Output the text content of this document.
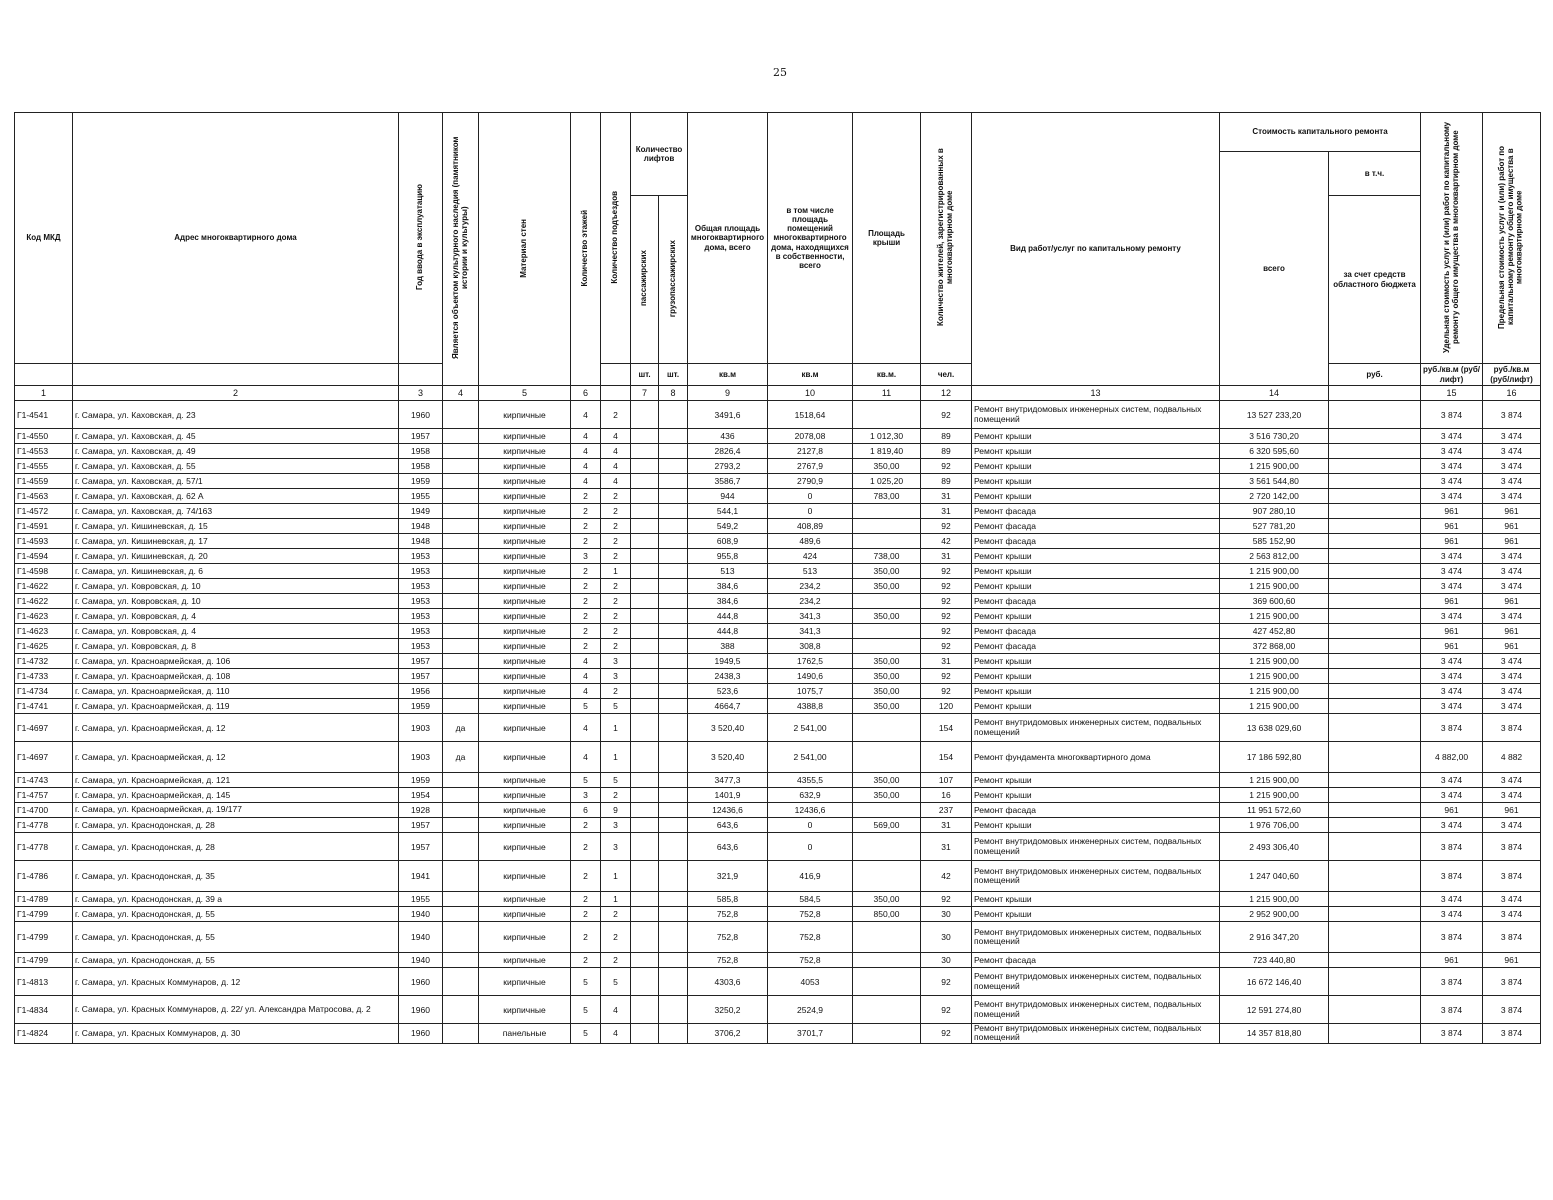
25
Код МКД	Адрес многоквартирного дома	Год ввода в эксплуатацию	Является объектом культурного наследия (памятником истории и культуры)	Материал стен	Количество этажей	Количество подъездов	Количество лифтов		Общая площадь многоквартирного дома, всего	в том числе площадь помещений многоквартирного дома, находящихся в собственности, всего	Площадь крыши	Количество жителей, зарегистрированных в многоквартирном доме	Вид работ/услуг по капитальному ремонту	Стоимость капитального ремонта		Удельная стоимость услуг и (или) работ по капитальному ремонту общего имущества в многоквартирном доме	Предельная стоимость услуг и (или) работ по капитальному ремонту общего имущества в многоквартирном доме
														всего	в т.ч.		
							пассажирских	грузопассажирских							за счет средств областного бюджета		
							шт.	шт.	кв.м	кв.м	кв.м.	чел.			руб.	руб./кв.м (руб/лифт)	руб./кв.м (руб/лифт)
1	2	3	4	5	6		7	8	9	10	11	12	13	14		15	16
Г1-4541	г. Самара, ул. Каховская, д. 23	1960		кирпичные	4	2			3491,6	1518,64		92	Ремонт внутридомовых инженерных систем, подвальных помещений	13 527 233,20		3 874	3 874
Г1-4550	г. Самара, ул. Каховская, д. 45	1957		кирпичные	4	4			436	2078,08	1 012,30	89	Ремонт крыши	3 516 730,20		3 474	3 474
Г1-4553	г. Самара, ул. Каховская, д. 49	1958		кирпичные	4	4			2826,4	2127,8	1 819,40	89	Ремонт крыши	6 320 595,60		3 474	3 474
Г1-4555	г. Самара, ул. Каховская, д. 55	1958		кирпичные	4	4			2793,2	2767,9	350,00	92	Ремонт крыши	1 215 900,00		3 474	3 474
Г1-4559	г. Самара, ул. Каховская, д. 57/1	1959		кирпичные	4	4			3586,7	2790,9	1 025,20	89	Ремонт крыши	3 561 544,80		3 474	3 474
Г1-4563	г. Самара, ул. Каховская, д. 62 А	1955		кирпичные	2	2			944	0	783,00	31	Ремонт крыши	2 720 142,00		3 474	3 474
Г1-4572	г. Самара, ул. Каховская, д. 74/163	1949		кирпичные	2	2			544,1	0		31	Ремонт фасада	907 280,10		961	961
Г1-4591	г. Самара, ул. Кишиневская, д. 15	1948		кирпичные	2	2			549,2	408,89		92	Ремонт фасада	527 781,20		961	961
Г1-4593	г. Самара, ул. Кишиневская, д. 17	1948		кирпичные	2	2			608,9	489,6		42	Ремонт фасада	585 152,90		961	961
Г1-4594	г. Самара, ул. Кишиневская, д. 20	1953		кирпичные	3	2			955,8	424	738,00	31	Ремонт крыши	2 563 812,00		3 474	3 474
Г1-4598	г. Самара, ул. Кишиневская, д. 6	1953		кирпичные	2	1			513	513	350,00	92	Ремонт крыши	1 215 900,00		3 474	3 474
Г1-4622	г. Самара, ул. Ковровская, д. 10	1953		кирпичные	2	2			384,6	234,2	350,00	92	Ремонт крыши	1 215 900,00		3 474	3 474
Г1-4622	г. Самара, ул. Ковровская, д. 10	1953		кирпичные	2	2			384,6	234,2		92	Ремонт фасада	369 600,60		961	961
Г1-4623	г. Самара, ул. Ковровская, д. 4	1953		кирпичные	2	2			444,8	341,3	350,00	92	Ремонт крыши	1 215 900,00		3 474	3 474
Г1-4623	г. Самара, ул. Ковровская, д. 4	1953		кирпичные	2	2			444,8	341,3		92	Ремонт фасада	427 452,80		961	961
Г1-4625	г. Самара, ул. Ковровская, д. 8	1953		кирпичные	2	2			388	308,8		92	Ремонт фасада	372 868,00		961	961
Г1-4732	г. Самара, ул. Красноармейская, д. 106	1957		кирпичные	4	3			1949,5	1762,5	350,00	31	Ремонт крыши	1 215 900,00		3 474	3 474
Г1-4733	г. Самара, ул. Красноармейская, д. 108	1957		кирпичные	4	3			2438,3	1490,6	350,00	92	Ремонт крыши	1 215 900,00		3 474	3 474
Г1-4734	г. Самара, ул. Красноармейская, д. 110	1956		кирпичные	4	2			523,6	1075,7	350,00	92	Ремонт крыши	1 215 900,00		3 474	3 474
Г1-4741	г. Самара, ул. Красноармейская, д. 119	1959		кирпичные	5	5			4664,7	4388,8	350,00	120	Ремонт крыши	1 215 900,00		3 474	3 474
Г1-4697	г. Самара, ул. Красноармейская, д. 12	1903	да	кирпичные	4	1			3 520,40	2 541,00		154	Ремонт внутридомовых инженерных систем, подвальных помещений	13 638 029,60		3 874	3 874
Г1-4697	г. Самара, ул. Красноармейская, д. 12	1903	да	кирпичные	4	1			3 520,40	2 541,00		154	Ремонт фундамента многоквартирного дома	17 186 592,80		4 882,00	4 882
Г1-4743	г. Самара, ул. Красноармейская, д. 121	1959		кирпичные	5	5			3477,3	4355,5	350,00	107	Ремонт крыши	1 215 900,00		3 474	3 474
Г1-4757	г. Самара, ул. Красноармейская, д. 145	1954		кирпичные	3	2			1401,9	632,9	350,00	16	Ремонт крыши	1 215 900,00		3 474	3 474
Г1-4700	г. Самара, ул. Красноармейская, д. 19/177	1928		кирпичные	6	9			12436,6	12436,6		237	Ремонт фасада	11 951 572,60		961	961
Г1-4778	г. Самара, ул. Краснодонская, д. 28	1957		кирпичные	2	3			643,6	0	569,00	31	Ремонт крыши	1 976 706,00		3 474	3 474
Г1-4778	г. Самара, ул. Краснодонская, д. 28	1957		кирпичные	2	3			643,6	0		31	Ремонт внутридомовых инженерных систем, подвальных помещений	2 493 306,40		3 874	3 874
Г1-4786	г. Самара, ул. Краснодонская, д. 35	1941		кирпичные	2	1			321,9	416,9		42	Ремонт внутридомовых инженерных систем, подвальных помещений	1 247 040,60		3 874	3 874
Г1-4789	г. Самара, ул. Краснодонская, д. 39 а	1955		кирпичные	2	1			585,8	584,5	350,00	92	Ремонт крыши	1 215 900,00		3 474	3 474
Г1-4799	г. Самара, ул. Краснодонская, д. 55	1940		кирпичные	2	2			752,8	752,8	850,00	30	Ремонт крыши	2 952 900,00		3 474	3 474
Г1-4799	г. Самара, ул. Краснодонская, д. 55	1940		кирпичные	2	2			752,8	752,8		30	Ремонт внутридомовых инженерных систем, подвальных помещений	2 916 347,20		3 874	3 874
Г1-4799	г. Самара, ул. Краснодонская, д. 55	1940		кирпичные	2	2			752,8	752,8		30	Ремонт фасада	723 440,80		961	961
Г1-4813	г. Самара, ул. Красных Коммунаров, д. 12	1960		кирпичные	5	5			4303,6	4053		92	Ремонт внутридомовых инженерных систем, подвальных помещений	16 672 146,40		3 874	3 874
Г1-4834	г. Самара, ул. Красных Коммунаров, д. 22/ ул. Александра Матросова, д. 2	1960		кирпичные	5	4			3250,2	2524,9		92	Ремонт внутридомовых инженерных систем, подвальных помещений	12 591 274,80		3 874	3 874
Г1-4824	г. Самара, ул. Красных Коммунаров, д. 30	1960		панельные	5	4			3706,2	3701,7		92	Ремонт внутридомовых инженерных систем, подвальных помещений	14 357 818,80		3 874	3 874
